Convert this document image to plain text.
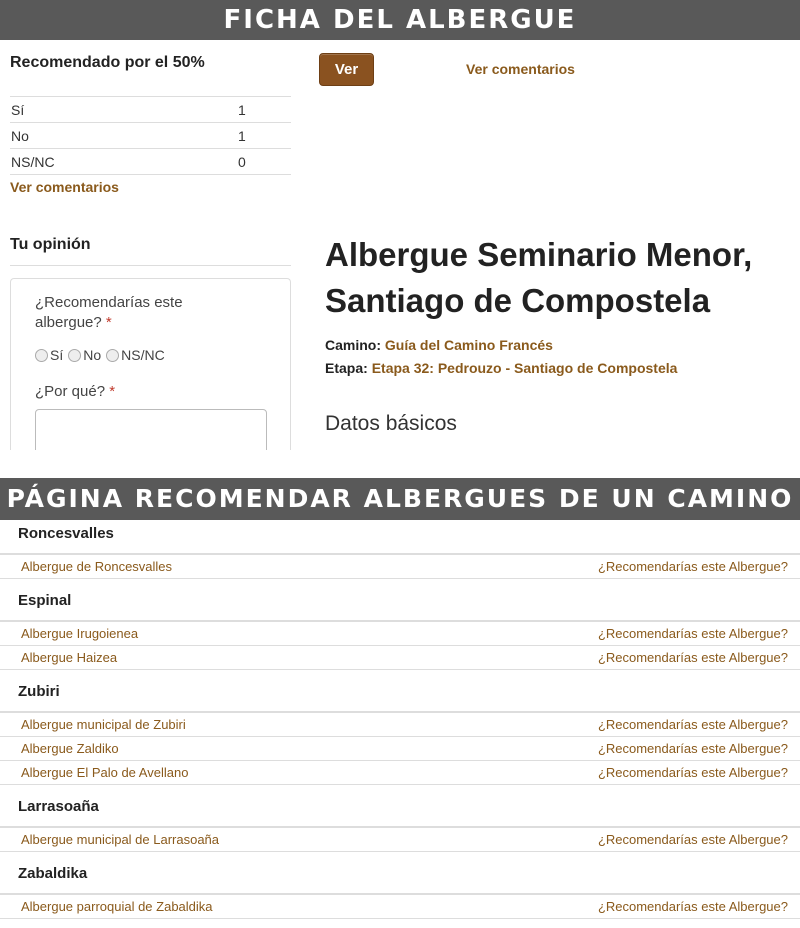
FICHA DEL ALBERGUE
Recomendado por el 50%
Sí	1
No	1
NS/NC	0
Ver comentarios
Tu opinión
¿Recomendarías este albergue? *
Sí No NS/NC
¿Por qué? *
Ver	Ver comentarios
Albergue Seminario Menor, Santiago de Compostela
Camino: Guía del Camino Francés
Etapa: Etapa 32: Pedrouzo - Santiago de Compostela
Datos básicos
PÁGINA RECOMENDAR ALBERGUES DE UN CAMINO
Roncesvalles
Albergue de Roncesvalles	¿Recomendarías este Albergue?
Espinal
Albergue Irugoienea	¿Recomendarías este Albergue?
Albergue Haizea	¿Recomendarías este Albergue?
Zubiri
Albergue municipal de Zubiri	¿Recomendarías este Albergue?
Albergue Zaldiko	¿Recomendarías este Albergue?
Albergue El Palo de Avellano	¿Recomendarías este Albergue?
Larrasoaña
Albergue municipal de Larrasoaña	¿Recomendarías este Albergue?
Zabaldika
Albergue parroquial de Zabaldika	¿Recomendarías este Albergue?
